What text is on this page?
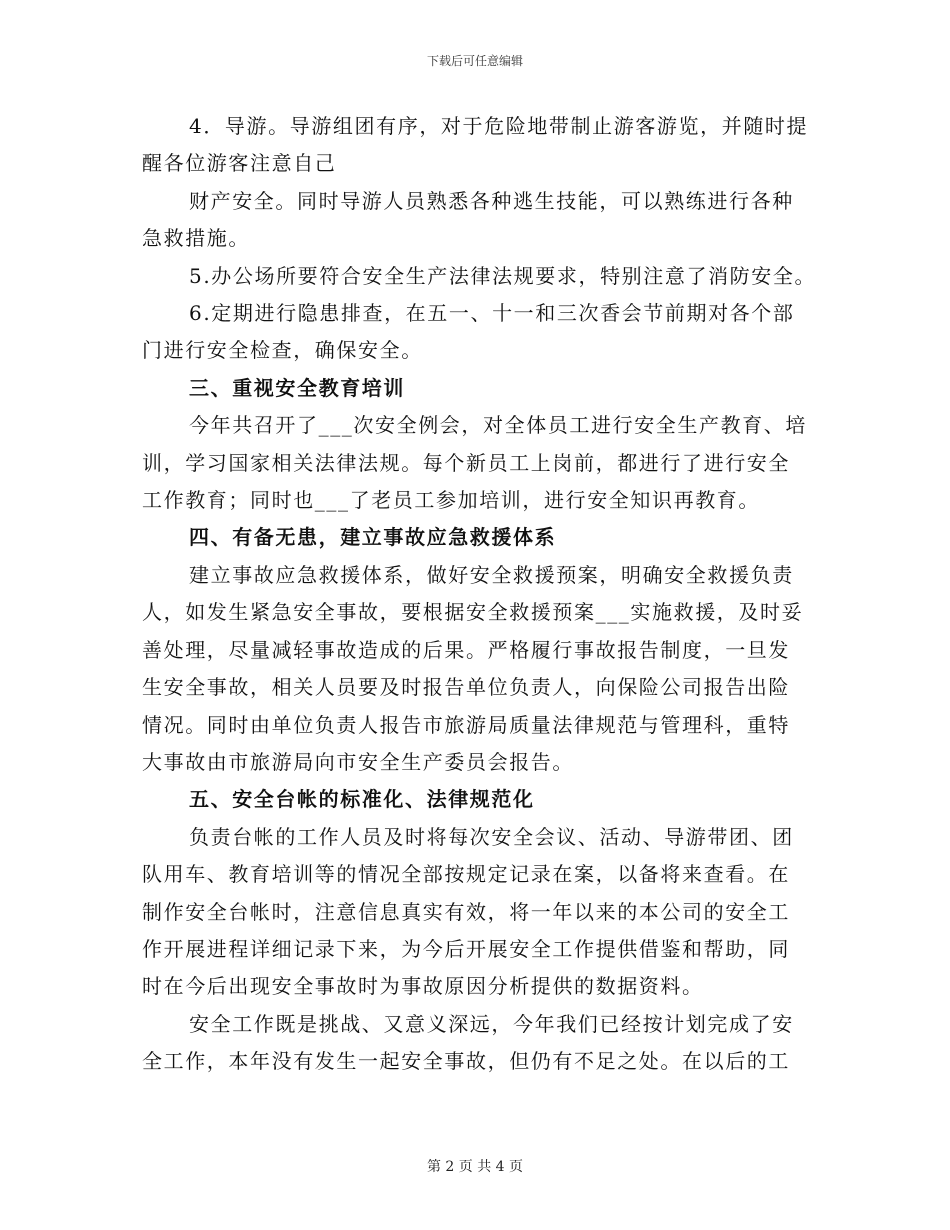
下载后可任意编辑

4．导游。导游组团有序，对于危险地带制止游客游览，并随时提

醒各位游客注意自己

财产安全。同时导游人员熟悉各种逃生技能，可以熟练进行各种

急救措施。

5.办公场所要符合安全生产法律法规要求，特别注意了消防安全。

6.定期进行隐患排查，在五一、十一和三次香会节前期对各个部

门进行安全检查，确保安全。

三、重视安全教育培训

今年共召开了___次安全例会，对全体员工进行安全生产教育、培

训，学习国家相关法律法规。每个新员工上岗前，都进行了进行安全

工作教育；同时也___了老员工参加培训，进行安全知识再教育。

四、有备无患，建立事故应急救援体系

建立事故应急救援体系，做好安全救援预案，明确安全救援负责

人，如发生紧急安全事故，要根据安全救援预案___实施救援，及时妥

善处理，尽量减轻事故造成的后果。严格履行事故报告制度，一旦发

生安全事故，相关人员要及时报告单位负责人，向保险公司报告出险

情况。同时由单位负责人报告市旅游局质量法律规范与管理科，重特

大事故由市旅游局向市安全生产委员会报告。

五、安全台帐的标准化、法律规范化

负责台帐的工作人员及时将每次安全会议、活动、导游带团、团

队用车、教育培训等的情况全部按规定记录在案，以备将来查看。在

制作安全台帐时，注意信息真实有效，将一年以来的本公司的安全工

作开展进程详细记录下来，为今后开展安全工作提供借鉴和帮助，同

时在今后出现安全事故时为事故原因分析提供的数据资料。

安全工作既是挑战、又意义深远，今年我们已经按计划完成了安

全工作，本年没有发生一起安全事故，但仍有不足之处。在以后的工

第 2 页 共 4 页
